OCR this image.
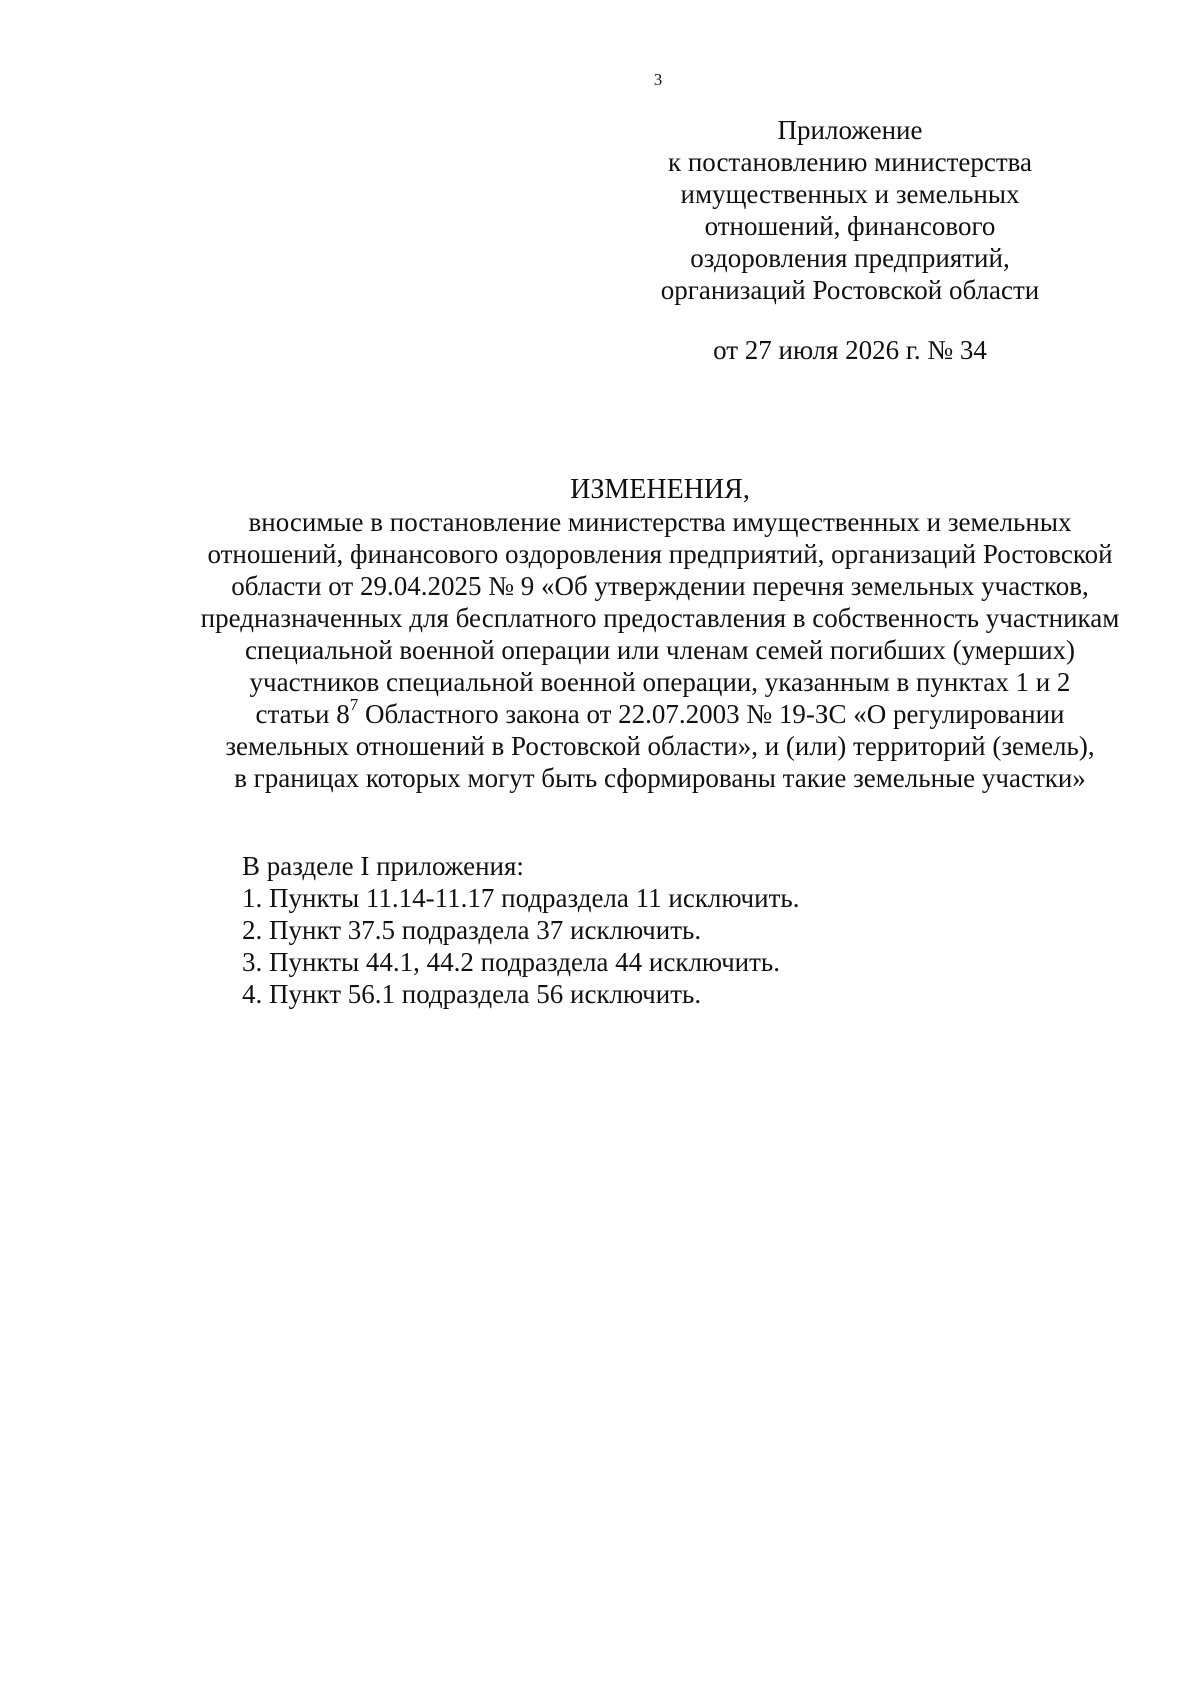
3
Приложение
к постановлению министерства
имущественных и земельных
отношений, финансового
оздоровления предприятий,
организаций Ростовской области
от 27 июля 2026 г. № 34
ИЗМЕНЕНИЯ,
вносимые в постановление министерства имущественных и земельных
отношений, финансового оздоровления предприятий, организаций Ростовской
области от 29.04.2025 № 9 «Об утверждении перечня земельных участков,
предназначенных для бесплатного предоставления в собственность участникам
специальной военной операции или членам семей погибших (умерших)
участников специальной военной операции, указанным в пунктах 1 и 2
статьи $8^7$ Областного закона от 22.07.2003 № 19-ЗС «О регулировании
земельных отношений в Ростовской области», и (или) территорий (земель),
в границах которых могут быть сформированы такие земельные участки»
В разделе I приложения:
1. Пункты 11.14-11.17 подраздела 11 исключить.
2. Пункт 37.5 подраздела 37 исключить.
3. Пункты 44.1, 44.2 подраздела 44 исключить.
4. Пункт 56.1 подраздела 56 исключить.
